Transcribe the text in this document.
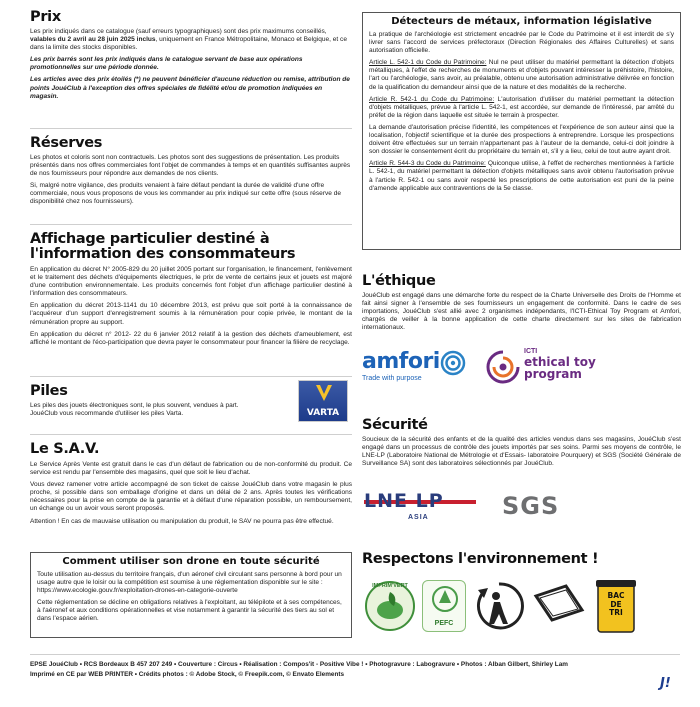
Prix

Les prix indiqués dans ce catalogue (sauf erreurs typographiques) sont des prix maximums conseillés, valables du 2 avril au 28 juin 2025 inclus, uniquement en France Métropolitaine, Monaco et Belgique, et ce dans la limite des stocks disponibles.

Les prix barrés sont les prix indiqués dans le catalogue servant de base aux opérations promotionnelles sur une période donnée.

Les articles avec des prix étoilés (*) ne peuvent bénéficier d'aucune réduction ou remise, attribution de points JouéClub à l'exception des offres spéciales de fidélité et/ou de promotion indiquées en magasin.

Réserves

Les photos et coloris sont non contractuels. Les photos sont des suggestions de présentation. Les produits présentés dans nos offres commerciales font l'objet de commandes à temps et en quantités suffisantes auprès de nos fournisseurs pour répondre aux demandes de nos clients.

Si, malgré notre vigilance, des produits venaient à faire défaut pendant la durée de validité d'une offre commerciale, nous vous proposons de vous les commander au prix indiqué sur cette offre (sous réserve de disponibilité chez nos fournisseurs).

Affichage particulier destiné à l'information des consommateurs

En application du décret N° 2005-829 du 20 juillet 2005 portant sur l'organisation, le financement, l'enlèvement et le traitement des déchets d'équipements électriques, le prix de vente de certains jeux et jouets est majoré d'une contribution environnementale. Les produits concernés font l'objet d'un affichage particulier destiné à l'information des consommateurs.

En application du décret 2013-1141 du 10 décembre 2013, est prévu que soit porté à la connaissance de l'acquéreur d'un support d'enregistrement soumis à la rémunération pour copie privée, le montant de la rémunération propre au support.

En application du décret n° 2012- 22 du 6 janvier 2012 relatif à la gestion des déchets d'ameublement, est affiché le montant de l'éco-participation que devra payer le consommateur pour financer la filière de recyclage.

Piles

Les piles des jouets électroniques sont, le plus souvent, vendues à part. JouéClub vous recommande d'utiliser les piles Varta.	VARTA
Le S.A.V.

Le Service Après Vente est gratuit dans le cas d'un défaut de fabrication ou de non-conformité du produit. Ce service est rendu par l'ensemble des magasins, quel que soit le lieu d'achat.

Vous devez ramener votre article accompagné de son ticket de caisse JouéClub dans votre magasin le plus proche, si possible dans son emballage d'origine et dans un délai de 2 ans. Après toutes les vérifications nécessaires pour la prise en compte de la garantie et à défaut d'une réparation possible, un remboursement, un échange ou un avoir vous seront proposés.

Attention ! En cas de mauvaise utilisation ou manipulation du produit, le SAV ne pourra pas être effectué.

Comment utiliser son drone en toute sécurité

Toute utilisation au-dessus du territoire français, d'un aéronef civil circulant sans personne à bord pour un usage autre que le loisir ou la compétition est soumise à une réglementation disponible sur le site : https://www.ecologie.gouv.fr/exploitation-drones-en-categorie-ouverte

Cette réglementation se décline en obligations relatives à l'exploitant, au télépilote et à ses compétences, à l'aéronef et aux conditions opérationnelles et vise notamment à garantir la sécurité des tiers au sol et dans l'espace aérien.

Détecteurs de métaux, information législative

La pratique de l'archéologie est strictement encadrée par le Code du Patrimoine et il est interdit de s'y livrer sans l'accord de services préfectoraux (Direction Régionales des Affaires Culturelles) et sans autorisation officielle.

Article L. 542-1 du Code du Patrimoine: Nul ne peut utiliser du matériel permettant la détection d'objets métalliques, à l'effet de recherches de monuments et d'objets pouvant intéresser la préhistoire, l'histoire, l'art ou l'archéologie, sans avoir, au préalable, obtenu une autorisation administrative délivrée en fonction de la qualification du demandeur ainsi que de la nature et des modalités de la recherche.

Article R. 542-1 du Code du Patrimoine: L'autorisation d'utiliser du matériel permettant la détection d'objets métalliques, prévue à l'article L. 542-1, est accordée, sur demande de l'intéressé, par arrêté du préfet de la région dans laquelle est située le terrain à prospecter.

La demande d'autorisation précise l'identité, les compétences et l'expérience de son auteur ainsi que la localisation, l'objectif scientifique et la durée des prospections à entreprendre. Lorsque les prospections doivent être effectuées sur un terrain n'appartenant pas à l'auteur de la demande, celui-ci doit joindre à son dossier le consentement écrit du propriétaire du terrain et, s'il y a lieu, celui de tout autre ayant droit.

Article R. 544-3 du Code du Patrimoine: Quiconque utilise, à l'effet de recherches mentionnées à l'article L. 542-1, du matériel permettant la détection d'objets métalliques sans avoir obtenu l'autorisation prévue à l'article R. 542-1 ou sans avoir respecté les prescriptions de cette autorisation est puni de la peine d'amende applicable aux contraventions de la 5e classe.

L'éthique

JouéClub est engagé dans une démarche forte du respect de la Charte Universelle des Droits de l'Homme et fait ainsi signer à l'ensemble de ses fournisseurs un engagement de conformité. Dans le cadre de ses importations, JouéClub s'est allié avec 2 organismes indépendants, l'ICTI-Ethical Toy Program et Amfori, chargés de veiller à la bonne application de cette charte directement sur les sites de fabrication internationaux.

amfori
Trade with purpose
ICTI
ethical toy
program
Sécurité

Soucieux de la sécurité des enfants et de la qualité des articles vendus dans ses magasins, JouéClub s'est engagé dans un processus de contrôle des jouets importés par ses soins. Parmi ses moyens de contrôle, le LNE-LP (Laboratoire National de Métrologie et d'Essais- laboratoire Pourquery) et SGS (Société Générale de Surveillance SA) sont des laboratoires sélectionnés par JouéClub.

LNE LP
ASIA	SGS
Respectons l'environnement !
IMPRIM'VERT
PEFC
BAC
DE
TRI
EPSE JouéClub • RCS Bordeaux B 457 207 249 • Couverture : Circus • Réalisation : Compos'it - Positive Vibe ! • Photogravure : Labogravure • Photos : Alban Gilbert, Shirley Lam
Imprimé en CE par WEB PRINTER • Crédits photos : © Adobe Stock, © Freepik.com, © Envato Elements
J!
